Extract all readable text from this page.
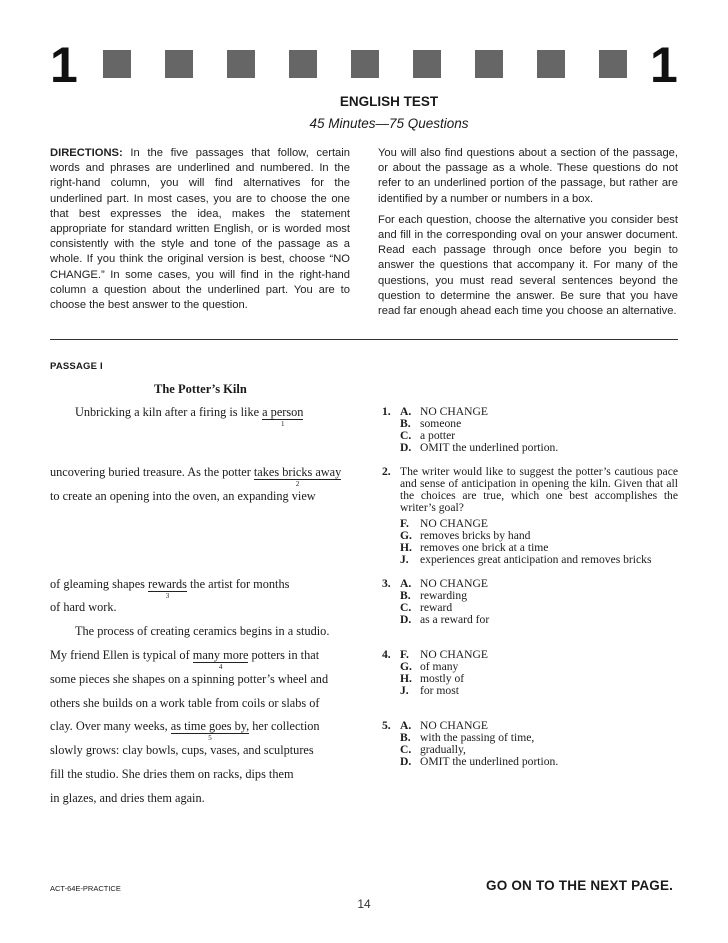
1	1
ENGLISH TEST
45 Minutes—75 Questions

DIRECTIONS: In the five passages that follow, certain words and phrases are underlined and numbered. In the right-hand column, you will find alternatives for the underlined part. In most cases, you are to choose the one that best expresses the idea, makes the statement appropriate for standard written English, or is worded most consistently with the style and tone of the passage as a whole. If you think the original version is best, choose “NO CHANGE.” In some cases, you will find in the right-hand column a question about the underlined part. You are to choose the best answer to the question.

You will also find questions about a section of the passage, or about the passage as a whole. These questions do not refer to an underlined portion of the passage, but rather are identified by a number or numbers in a box.

For each question, choose the alternative you consider best and fill in the corresponding oval on your answer document. Read each passage through once before you begin to answer the questions that accompany it. For many of the questions, you must read several sentences beyond the question to determine the answer. Be sure that you have read far enough ahead each time you choose an alternative.

PASSAGE I
The Potter’s Kiln
Unbricking a kiln after a firing is like a person
1
uncovering buried treasure. As the potter takes bricks away
2
to create an opening into the oven, an expanding view
of gleaming shapes rewards
3
the artist for months
of hard work.
The process of creating ceramics begins in a studio.
My friend Ellen is typical of many more
4
potters in that
some pieces she shapes on a spinning potter’s wheel and
others she builds on a work table from coils or slabs of
clay. Over many weeks, as time goes by,
5
her collection
slowly grows: clay bowls, cups, vases, and sculptures
fill the studio. She dries them on racks, dips them
in glazes, and dries them again.
1. A. NO CHANGE
B. someone
C. a potter
D. OMIT the underlined portion.
2. The writer would like to suggest the potter’s cautious pace and sense of anticipation in opening the kiln. Given that all the choices are true, which one best accomplishes the writer’s goal?
F. NO CHANGE
G. removes bricks by hand
H. removes one brick at a time
J. experiences great anticipation and removes bricks
3. A. NO CHANGE
B. rewarding
C. reward
D. as a reward for
4. F. NO CHANGE
G. of many
H. mostly of
J. for most
5. A. NO CHANGE
B. with the passing of time,
C. gradually,
D. OMIT the underlined portion.
ACT-64E-PRACTICE	GO ON TO THE NEXT PAGE.
14
